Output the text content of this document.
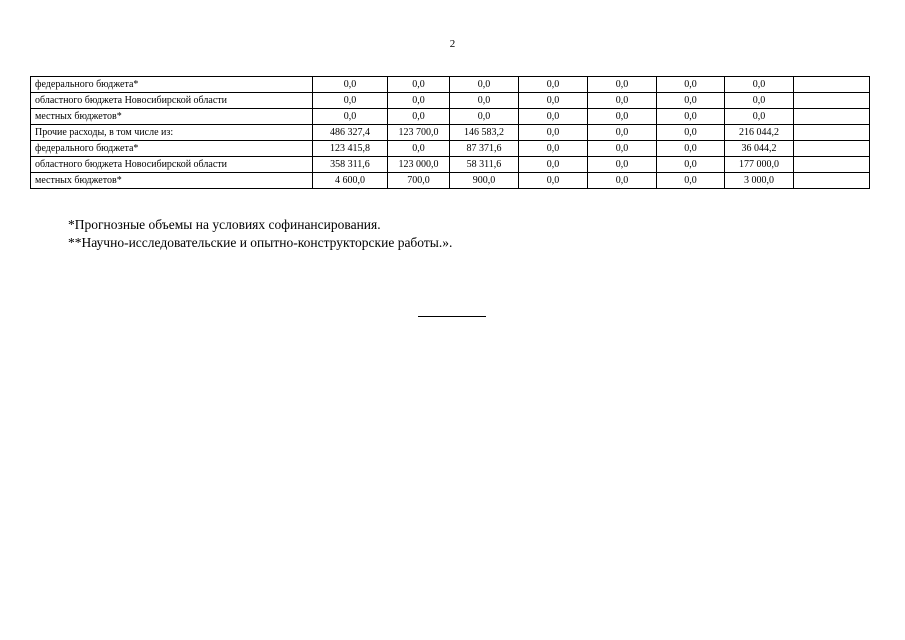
2
федерального бюджета*	0,0	0,0	0,0	0,0	0,0	0,0	0,0	
областного бюджета Новосибирской области	0,0	0,0	0,0	0,0	0,0	0,0	0,0	
местных бюджетов*	0,0	0,0	0,0	0,0	0,0	0,0	0,0	
Прочие расходы, в том числе из:	486 327,4	123 700,0	146 583,2	0,0	0,0	0,0	216 044,2	
федерального бюджета*	123 415,8	0,0	87 371,6	0,0	0,0	0,0	36 044,2	
областного бюджета Новосибирской области	358 311,6	123 000,0	58 311,6	0,0	0,0	0,0	177 000,0	
местных бюджетов*	4 600,0	700,0	900,0	0,0	0,0	0,0	3 000,0	
*Прогнозные объемы на условиях софинансирования.
**Научно-исследовательские и опытно-конструкторские работы.».
